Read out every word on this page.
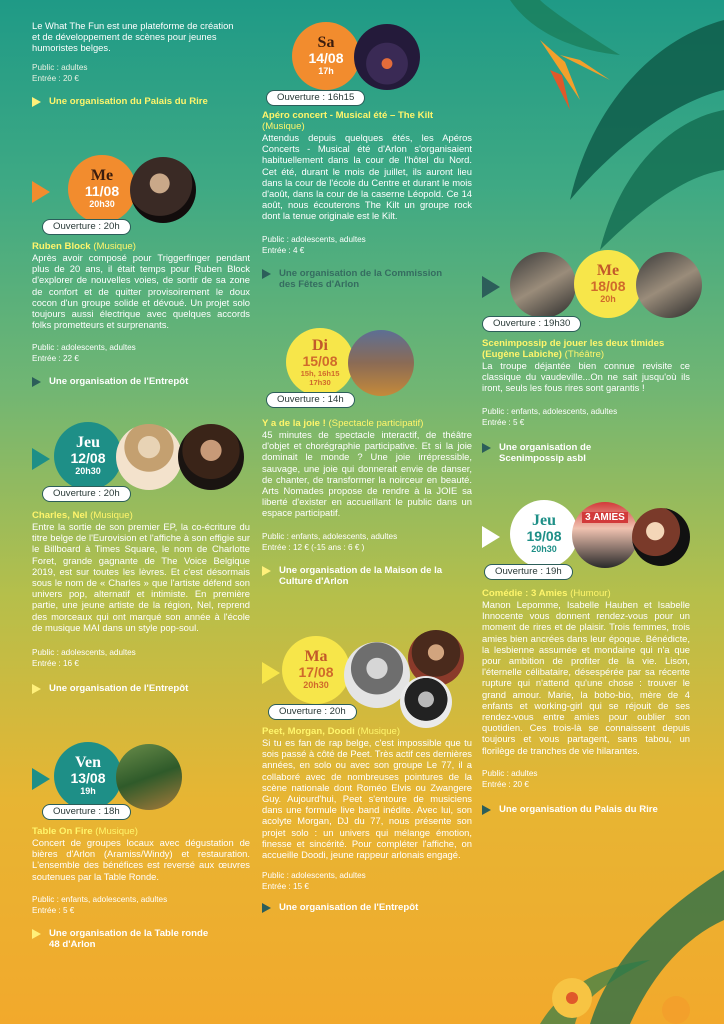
Le What The Fun est une plateforme de création et de développement de scènes pour jeunes humoristes belges.

Public : adultes

Entrée : 20 €

Une organisation du Palais du Rire
Me
11/08
20h30
Ouverture : 20h

Ruben Block (Musique)

Après avoir composé pour Triggerfinger pendant plus de 20 ans, il était temps pour Ruben Block d'explorer de nouvelles voies, de sortir de sa zone de confort et de quitter provisoirement le doux cocon d'un groupe solide et dévoué. Un projet solo toujours aussi électrique avec quelques accords folks prometteurs et surprenants.

Public : adolescents, adultes

Entrée : 22 €

Une organisation de l'Entrepôt
Jeu
12/08
20h30
Ouverture : 20h

Charles, Nel (Musique)

Entre la sortie de son premier EP, la co-écriture du titre belge de l'Eurovision et l'affiche à son effigie sur le Billboard à Times Square, le nom de Charlotte Foret, grande gagnante de The Voice Belgique 2019, est sur toutes les lèvres. Et c'est désormais sous le nom de « Charles » que l'artiste défend son univers pop, alternatif et intimiste. En première partie, une jeune artiste de la région, Nel, reprend des morceaux qui ont marqué son année à l'école de musique MAI dans un style pop-soul.

Public : adolescents, adultes

Entrée : 16 €

Une organisation de l'Entrepôt
Ven
13/08
19h
Ouverture : 18h

Table On Fire (Musique)

Concert de groupes locaux avec dégustation de bières d'Arlon (Aramiss/Windy) et restauration. L'ensemble des bénéfices est reversé aux œuvres soutenues par la Table Ronde.

Public : enfants, adolescents, adultes

Entrée : 5 €

Une organisation de la Table ronde 48 d'Arlon
Sa
14/08
17h
Ouverture : 16h15

Apéro concert - Musical été – The Kilt

(Musique)

Attendus depuis quelques étés, les Apéros Concerts - Musical été d'Arlon s'organisaient habituellement dans la cour de l'hôtel du Nord. Cet été, durant le mois de juillet, ils auront lieu dans la cour de l'école du Centre et durant le mois d'août, dans la cour de la caserne Léopold. Ce 14 août, nous écouterons The Kilt un groupe rock dont la tenue originale est le Kilt.

Public : adolescents, adultes

Entrée : 4 €

Une organisation de la Commission des Fêtes d'Arlon
Di
15/08
15h, 16h15 17h30
Ouverture : 14h

Y a de la joie ! (Spectacle participatif)

45 minutes de spectacle interactif, de théâtre d'objet et chorégraphie participative. Et si la joie dominait le monde ? Une joie irrépressible, sauvage, une joie qui donnerait envie de danser, de chanter, de transformer la noirceur en beauté. Arts Nomades propose de rendre à la JOIE sa liberté d'exister en accueillant le public dans un espace participatif.

Public : enfants, adolescents, adultes

Entrée : 12 € (-15 ans : 6 € )

Une organisation de la Maison de la Culture d'Arlon
Ma
17/08
20h30
Ouverture : 20h

Peet, Morgan, Doodi (Musique)

Si tu es fan de rap belge, c'est impossible que tu sois passé à côté de Peet. Très actif ces dernières années, en solo ou avec son groupe Le 77, il a collaboré avec de nombreuses pointures de la scène nationale dont Roméo Elvis ou Zwangere Guy. Aujourd'hui, Peet s'entoure de musiciens dans une formule live band inédite. Avec lui, son acolyte Morgan, DJ du 77, nous présente son projet solo : un univers qui mélange émotion, finesse et sincérité. Pour compléter l'affiche, on accueille Doodi, jeune rappeur arlonais engagé.

Public : adolescents, adultes

Entrée : 15 €

Une organisation de l'Entrepôt
Me
18/08
20h
Ouverture : 19h30

Scenimpossip de jouer les deux timides (Eugène Labiche) (Théâtre)

La troupe déjantée bien connue revisite ce classique du vaudeville...On ne sait jusqu'où ils iront, seuls les fous rires sont garantis !

Public : enfants, adolescents, adultes

Entrée : 5 €

Une organisation de Scenimpossip asbl
Jeu
19/08
20h30
3 AMIES
Ouverture : 19h

Comédie : 3 Amies (Humour)

Manon Lepomme, Isabelle Hauben et Isabelle Innocente vous donnent rendez-vous pour un moment de rires et de plaisir. Trois femmes, trois amies bien ancrées dans leur époque. Bénédicte, la lesbienne assumée et mondaine qui n'a que pour ambition de profiter de la vie. Lison, l'éternelle célibataire, désespérée par sa récente rupture qui n'attend qu'une chose : trouver le grand amour. Marie, la bobo-bio, mère de 4 enfants et working-girl qui se réjouit de ses rendez-vous entre amies pour oublier son quotidien. Ces trois-là se connaissent depuis toujours et vous partagent, sans tabou, un florilège de tranches de vie hilarantes.

Public : adultes

Entrée : 20 €

Une organisation du Palais du Rire
